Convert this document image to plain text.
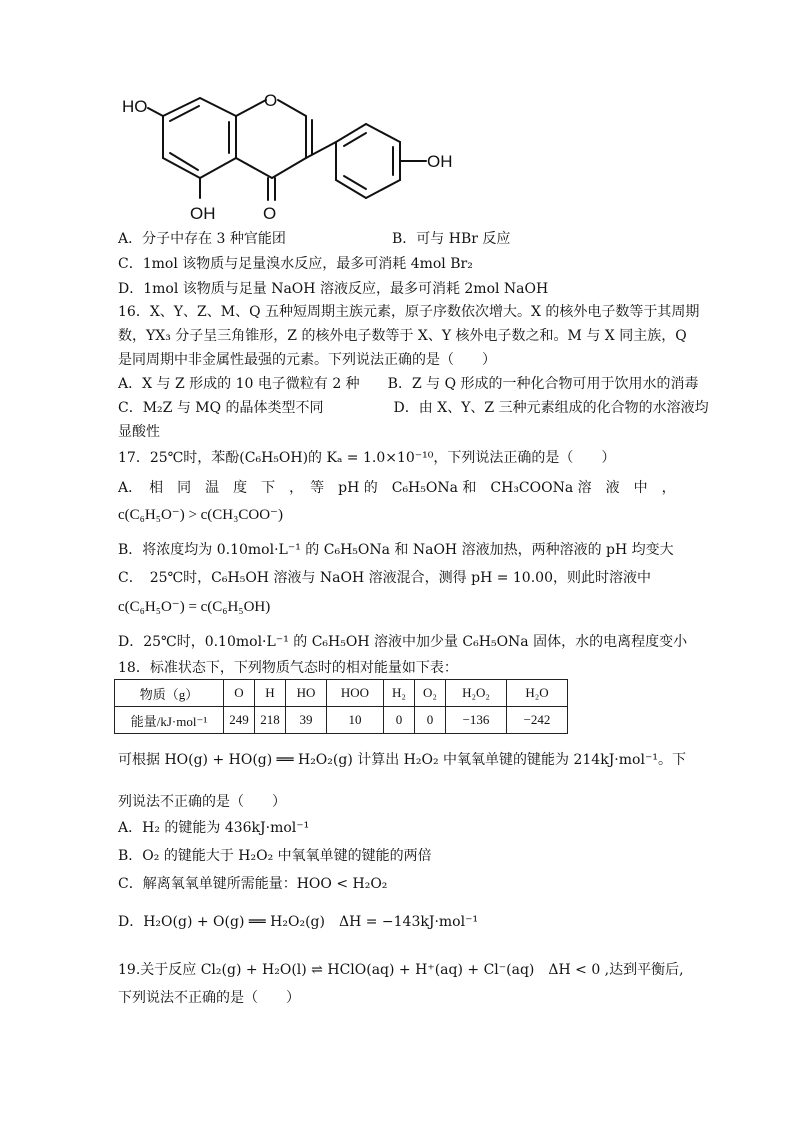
HO	O
OH
OH	O
A．分子中存在 3 种官能团	B．可与 HBr 反应
C．1mol 该物质与足量溴水反应，最多可消耗 4mol Br₂
D．1mol 该物质与足量 NaOH 溶液反应，最多可消耗 2mol NaOH
16．X、Y、Z、M、Q 五种短周期主族元素，原子序数依次增大。X 的核外电子数等于其周期
数，YX₃ 分子呈三角锥形，Z 的核外电子数等于 X、Y 核外电子数之和。M 与 X 同主族，Q
是同周期中非金属性最强的元素。下列说法正确的是（　　）
A．X 与 Z 形成的 10 电子微粒有 2 种　　B．Z 与 Q 形成的一种化合物可用于饮用水的消毒
C．M₂Z 与 MQ 的晶体类型不同　　　　　D．由 X、Y、Z 三种元素组成的化合物的水溶液均
显酸性
17．25℃时，苯酚(C₆H₅OH)的 Kₐ = 1.0×10⁻¹⁰，下列说法正确的是（　　）
A．　相　同　温　度　下　，　等　pH 的　C₆H₅ONa 和　CH₃COONa 溶　液　中　，
c(C₆H₅O⁻) > c(CH₃COO⁻)
B．将浓度均为 0.10mol·L⁻¹ 的 C₆H₅ONa 和 NaOH 溶液加热，两种溶液的 pH 均变大
C．　25℃时，C₆H₅OH 溶液与 NaOH 溶液混合，测得 pH = 10.00，则此时溶液中
c(C₆H₅O⁻) = c(C₆H₅OH)
D．25℃时，0.10mol·L⁻¹ 的 C₆H₅OH 溶液中加少量 C₆H₅ONa 固体，水的电离程度变小
18．标准状态下，下列物质气态时的相对能量如下表：
物质（g）	O	H	HO	HOO	H₂	O₂	H₂O₂	H₂O
能量/kJ·mol⁻¹	249	218	39	10	0	0	−136	−242
可根据 HO(g) + HO(g) ══ H₂O₂(g) 计算出 H₂O₂ 中氧氧单键的键能为 214kJ·mol⁻¹。下
列说法不正确的是（　　）
A．H₂ 的键能为 436kJ·mol⁻¹
B．O₂ 的键能大于 H₂O₂ 中氧氧单键的键能的两倍
C．解离氧氧单键所需能量：HOO < H₂O₂
D．H₂O(g) + O(g) ══ H₂O₂(g)　ΔH = −143kJ·mol⁻¹
19.关于反应 Cl₂(g) + H₂O(l) ⇌ HClO(aq) + H⁺(aq) + Cl⁻(aq)　ΔH < 0 ,达到平衡后,
下列说法不正确的是（　　）
